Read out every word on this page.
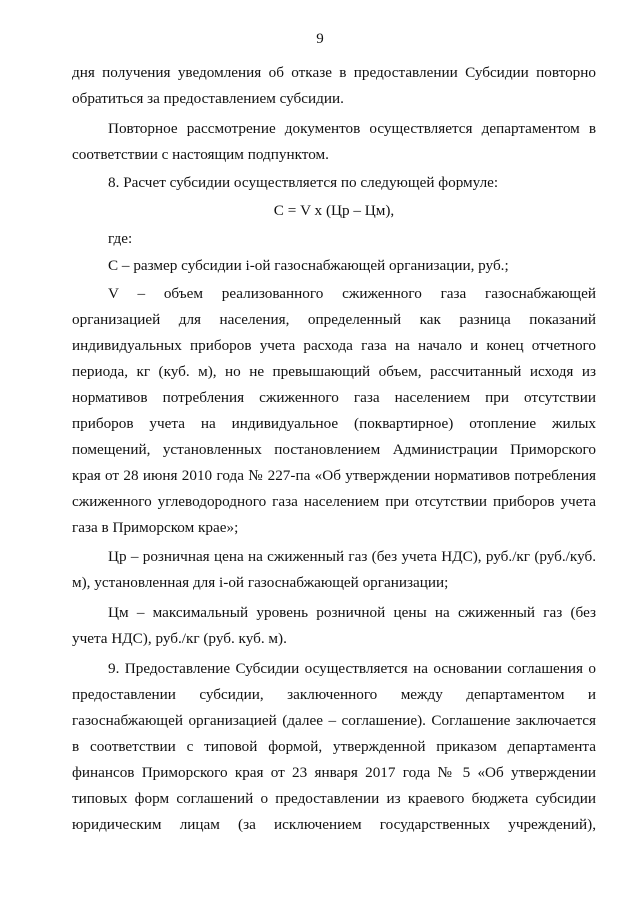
9
дня получения уведомления об отказе в предоставлении Субсидии повторно
обратиться за предоставлением субсидии.
Повторное рассмотрение документов осуществляется департаментом в
соответствии с настоящим подпунктом.
8. Расчет субсидии осуществляется по следующей формуле:
С = V x (Цр – Цм),
где:
С – размер субсидии i-ой газоснабжающей организации, руб.;
V – объем реализованного сжиженного газа газоснабжающей
организацией для населения, определенный как разница показаний
индивидуальных приборов учета расхода газа на начало и конец отчетного
периода, кг (куб. м), но не превышающий объем, рассчитанный исходя из
нормативов потребления сжиженного газа населением при отсутствии
приборов учета на индивидуальное (поквартирное) отопление жилых
помещений, установленных постановлением Администрации Приморского
края от 28 июня 2010 года № 227-па «Об утверждении нормативов потребления
сжиженного углеводородного газа населением при отсутствии приборов учета
газа в Приморском крае»;
Цр – розничная цена на сжиженный газ (без учета НДС), руб./кг (руб./куб.
м), установленная для i-ой газоснабжающей организации;
Цм – максимальный уровень розничной цены на сжиженный газ (без
учета НДС), руб./кг (руб. куб. м).
9. Предоставление Субсидии осуществляется на основании соглашения о
предоставлении субсидии, заключенного между департаментом и
газоснабжающей организацией (далее – соглашение). Соглашение заключается
в соответствии с типовой формой, утвержденной приказом департамента
финансов Приморского края от 23 января 2017 года № 5 «Об утверждении
типовых форм соглашений о предоставлении из краевого бюджета субсидии
юридическим лицам (за исключением государственных учреждений),
